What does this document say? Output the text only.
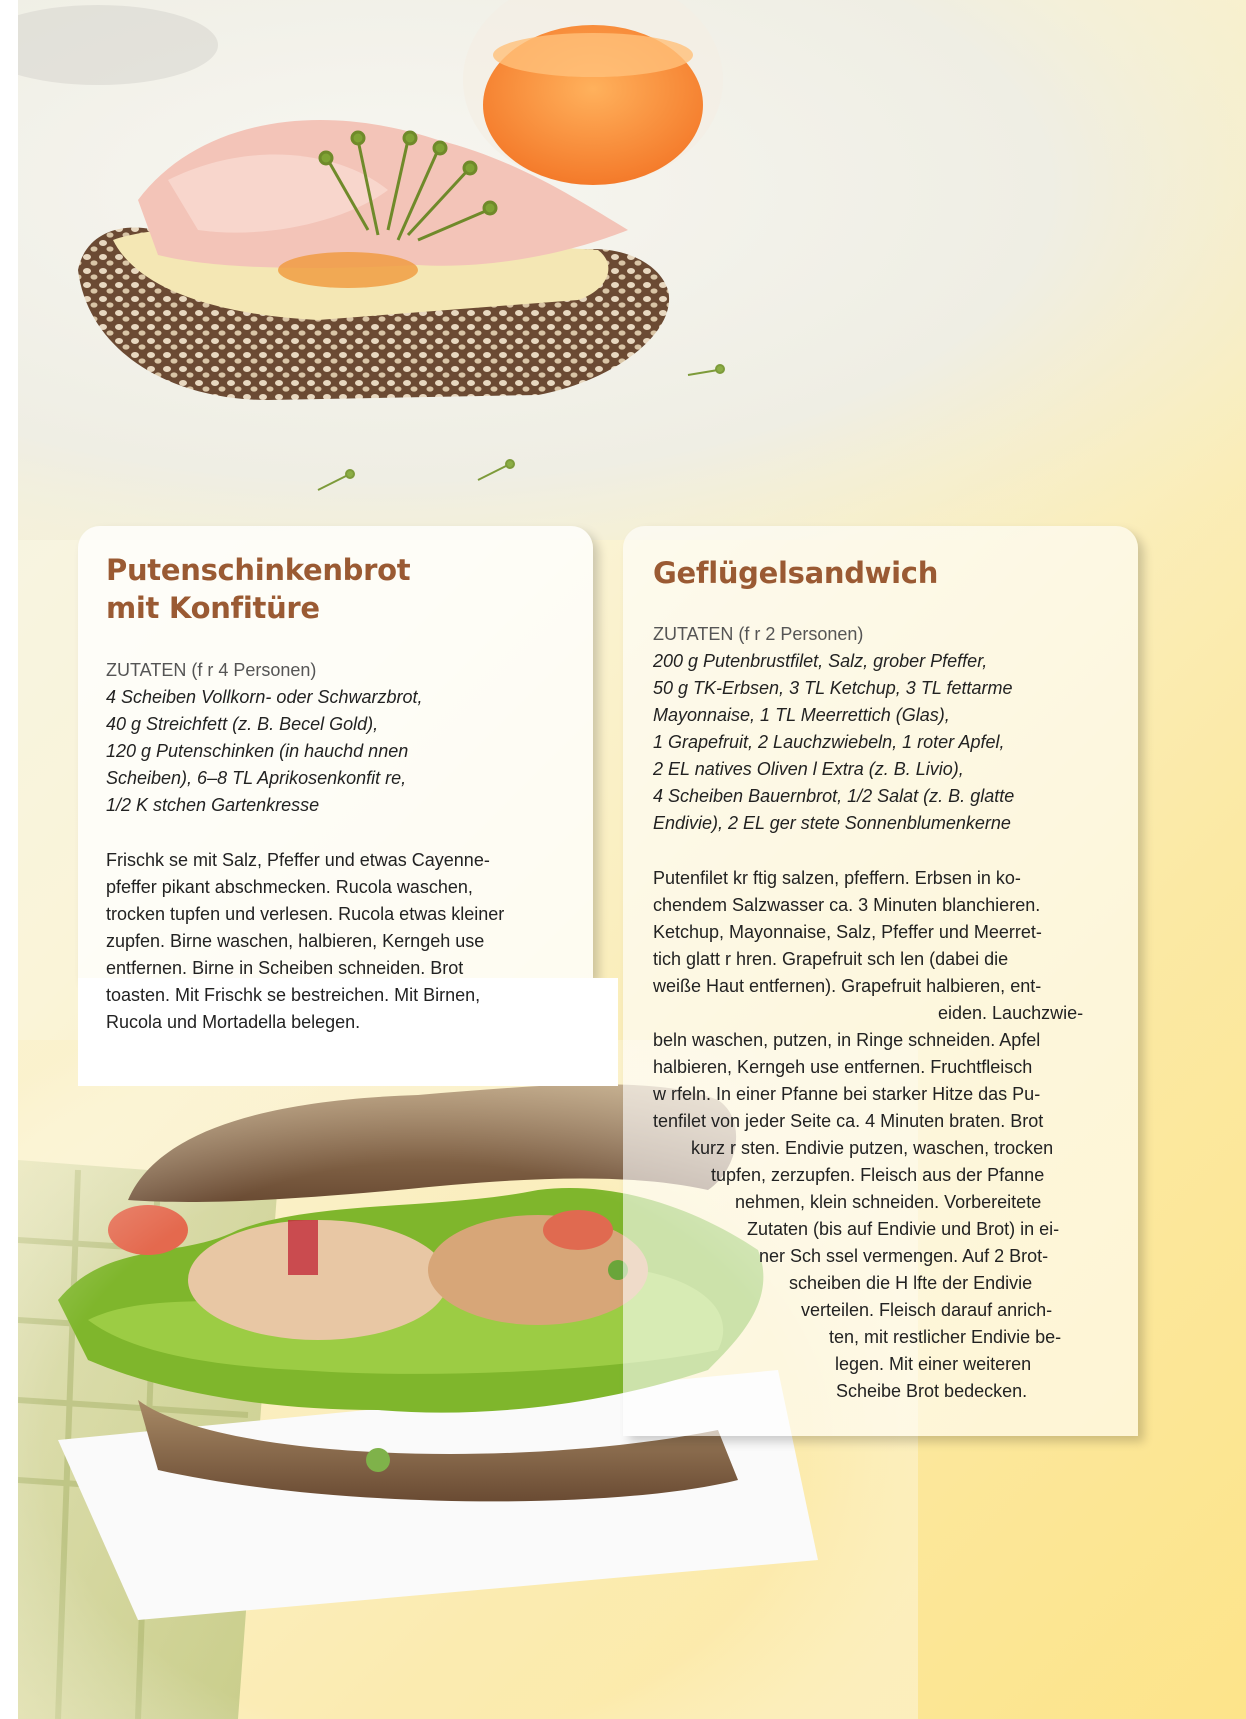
Putenschinkenbrot
mit Konfitüre
ZUTATEN (f r 4 Personen)
4 Scheiben Vollkorn- oder Schwarzbrot,
40 g Streichfett (z. B. Becel Gold),
120 g Putenschinken (in hauchd nnen
Scheiben), 6–8 TL Aprikosenkonfit re,
1/2 K stchen Gartenkresse
Frischk se mit Salz, Pfeffer und etwas Cayenne-
pfeffer pikant abschmecken. Rucola waschen,
trocken tupfen und verlesen. Rucola etwas kleiner
zupfen. Birne waschen, halbieren, Kerngeh use
entfernen. Birne in Scheiben schneiden. Brot
toasten. Mit Frischk se bestreichen. Mit Birnen,
Rucola und Mortadella belegen.
Geflügelsandwich
ZUTATEN (f r 2 Personen)
200 g Putenbrustfilet, Salz, grober Pfeffer,
50 g TK-Erbsen, 3 TL Ketchup, 3 TL fettarme
Mayonnaise, 1 TL Meerrettich (Glas),
1 Grapefruit, 2 Lauchzwiebeln, 1 roter Apfel,
2 EL natives Oliven l Extra (z. B. Livio),
4 Scheiben Bauernbrot, 1/2 Salat (z. B. glatte
Endivie), 2 EL ger stete Sonnenblumenkerne
Putenfilet kr ftig salzen, pfeffern. Erbsen in ko-
chendem Salzwasser ca. 3 Minuten blanchieren.
Ketchup, Mayonnaise, Salz, Pfeffer und Meerret-
tich glatt r hren. Grapefruit sch len (dabei die
weiße Haut entfernen). Grapefruit halbieren, ent-
eiden. Lauchzwie-
beln waschen, putzen, in Ringe schneiden. Apfel
halbieren, Kerngeh use entfernen. Fruchtfleisch
w rfeln. In einer Pfanne bei starker Hitze das Pu-
tenfilet von jeder Seite ca. 4 Minuten braten. Brot
kurz r sten. Endivie putzen, waschen, trocken
tupfen, zerzupfen. Fleisch aus der Pfanne
nehmen, klein schneiden. Vorbereitete
Zutaten (bis auf Endivie und Brot) in ei-
ner Sch ssel vermengen. Auf 2 Brot-
scheiben die H lfte der Endivie
verteilen. Fleisch darauf anrich-
ten, mit restlicher Endivie be-
legen. Mit einer weiteren
Scheibe Brot bedecken.
